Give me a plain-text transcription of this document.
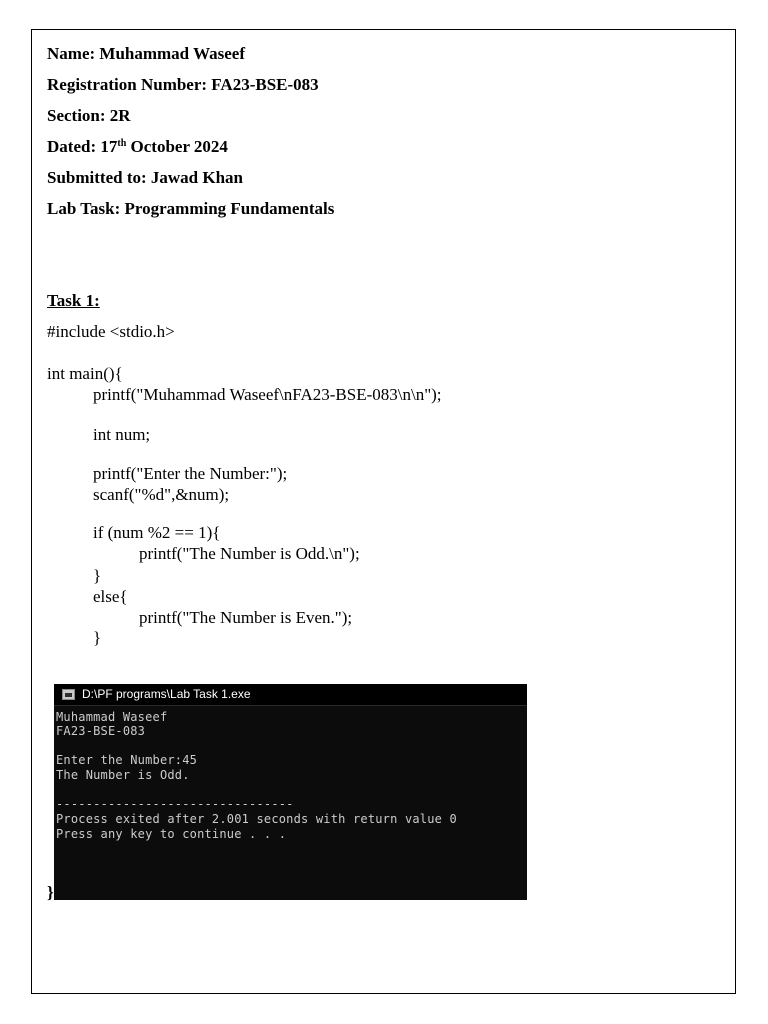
Name: Muhammad Waseef
Registration Number: FA23-BSE-083
Section: 2R
Dated: 17th October 2024
Submitted to: Jawad Khan
Lab Task: Programming Fundamentals
Task 1:
#include <stdio.h>
int main(){
printf("Muhammad Waseef\nFA23-BSE-083\n\n");
int num;
printf("Enter the Number:");
scanf("%d",&num);
if (num %2 == 1){
printf("The Number is Odd.\n");
}
else{
printf("The Number is Even.");
}
D:\PF programs\Lab Task 1.exe
Muhammad Waseef
FA23-BSE-083
Enter the Number:45
The Number is Odd.
--------------------------------
Process exited after 2.001 seconds with return value 0
Press any key to continue . . .
}
